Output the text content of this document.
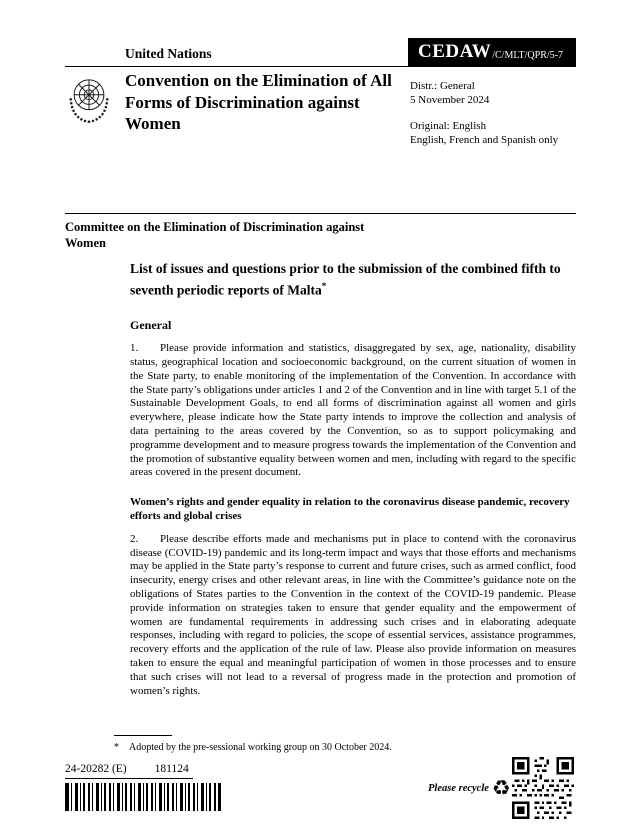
United Nations	CEDAW /C/MLT/QPR/5-7
Convention on the Elimination of All Forms of Discrimination against Women
Distr.: General
5 November 2024
Original: English
English, French and Spanish only
Committee on the Elimination of Discrimination against Women
List of issues and questions prior to the submission of the combined fifth to seventh periodic reports of Malta*
General

1. Please provide information and statistics, disaggregated by sex, age, nationality, disability status, geographical location and socioeconomic background, on the current situation of women in the State party, to enable monitoring of the implementation of the Convention. In accordance with the State party’s obligations under articles 1 and 2 of the Convention and in line with target 5.1 of the Sustainable Development Goals, to end all forms of discrimination against all women and girls everywhere, please indicate how the State party intends to improve the collection and analysis of data pertaining to the areas covered by the Convention, so as to support policymaking and programme development and to measure progress towards the implementation of the Convention and the promotion of substantive equality between women and men, including with regard to the specific areas covered in the present document.

Women’s rights and gender equality in relation to the coronavirus disease pandemic, recovery efforts and global crises

2. Please describe efforts made and mechanisms put in place to contend with the coronavirus disease (COVID-19) pandemic and its long-term impact and ways that those efforts and mechanisms may be applied in the State party’s response to current and future crises, such as armed conflict, food insecurity, energy crises and other relevant areas, in line with the Committee’s guidance note on the obligations of States parties to the Convention in the context of the COVID-19 pandemic. Please provide information on strategies taken to ensure that gender equality and the empowerment of women are fundamental requirements in addressing such crises and in elaborating adequate responses, including with regard to policies, the scope of essential services, assistance programmes, recovery efforts and the application of the rule of law. Please also provide information on measures taken to ensure the equal and meaningful participation of women in those processes and to ensure that such crises will not lead to a reversal of progress made in the protection and promotion of women’s rights.

* Adopted by the pre-sessional working group on 30 October 2024.
24-20282 (E) 181124
Please recycle ♻
